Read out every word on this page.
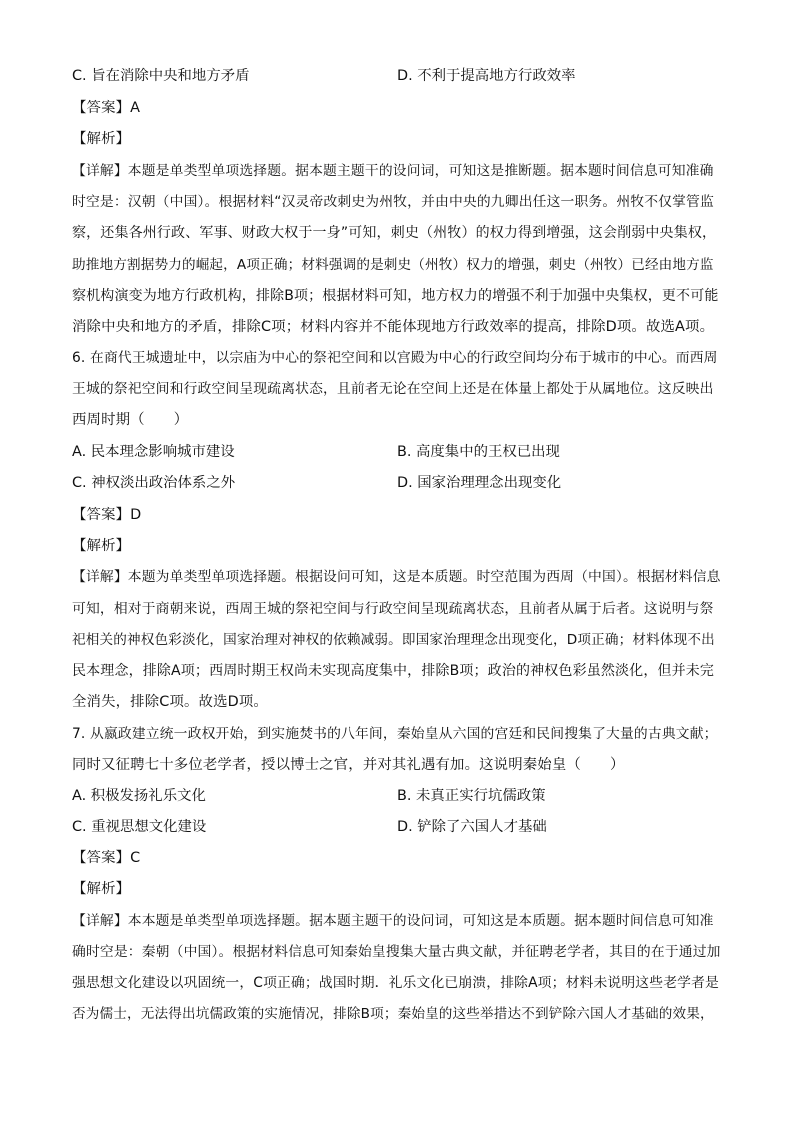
C. 旨在消除中央和地方矛盾	D. 不利于提高地方行政效率
【答案】A
【解析】
【详解】本题是单类型单项选择题。据本题主题干的设问词，可知这是推断题。据本题时间信息可知准确
时空是：汉朝（中国）。根据材料“汉灵帝改刺史为州牧，并由中央的九卿出任这一职务。州牧不仅掌管监
察，还集各州行政、军事、财政大权于一身”可知，刺史（州牧）的权力得到增强，这会削弱中央集权，
助推地方割据势力的崛起，A项正确；材料强调的是刺史（州牧）权力的增强，刺史（州牧）已经由地方监
察机构演变为地方行政机构，排除B项；根据材料可知，地方权力的增强不利于加强中央集权，更不可能
消除中央和地方的矛盾，排除C项；材料内容并不能体现地方行政效率的提高，排除D项。故选A项。
6. 在商代王城遗址中，以宗庙为中心的祭祀空间和以宫殿为中心的行政空间均分布于城市的中心。而西周
王城的祭祀空间和行政空间呈现疏离状态，且前者无论在空间上还是在体量上都处于从属地位。这反映出
西周时期（　　）
A. 民本理念影响城市建设	B. 高度集中的王权已出现
C. 神权淡出政治体系之外	D. 国家治理理念出现变化
【答案】D
【解析】
【详解】本题为单类型单项选择题。根据设问可知，这是本质题。时空范围为西周（中国）。根据材料信息
可知，相对于商朝来说，西周王城的祭祀空间与行政空间呈现疏离状态，且前者从属于后者。这说明与祭
祀相关的神权色彩淡化，国家治理对神权的依赖减弱。即国家治理理念出现变化，D项正确；材料体现不出
民本理念，排除A项；西周时期王权尚未实现高度集中，排除B项；政治的神权色彩虽然淡化，但并未完
全消失，排除C项。故选D项。
7. 从嬴政建立统一政权开始，到实施焚书的八年间，秦始皇从六国的宫廷和民间搜集了大量的古典文献；
同时又征聘七十多位老学者，授以博士之官，并对其礼遇有加。这说明秦始皇（　　）
A. 积极发扬礼乐文化	B. 未真正实行坑儒政策
C. 重视思想文化建设	D. 铲除了六国人才基础
【答案】C
【解析】
【详解】本本题是单类型单项选择题。据本题主题干的设问词，可知这是本质题。据本题时间信息可知准
确时空是：秦朝（中国）。根据材料信息可知秦始皇搜集大量古典文献，并征聘老学者，其目的在于通过加
强思想文化建设以巩固统一，C项正确；战国时期．礼乐文化已崩溃，排除A项；材料未说明这些老学者是
否为儒士，无法得出坑儒政策的实施情况，排除B项；秦始皇的这些举措达不到铲除六国人才基础的效果，
